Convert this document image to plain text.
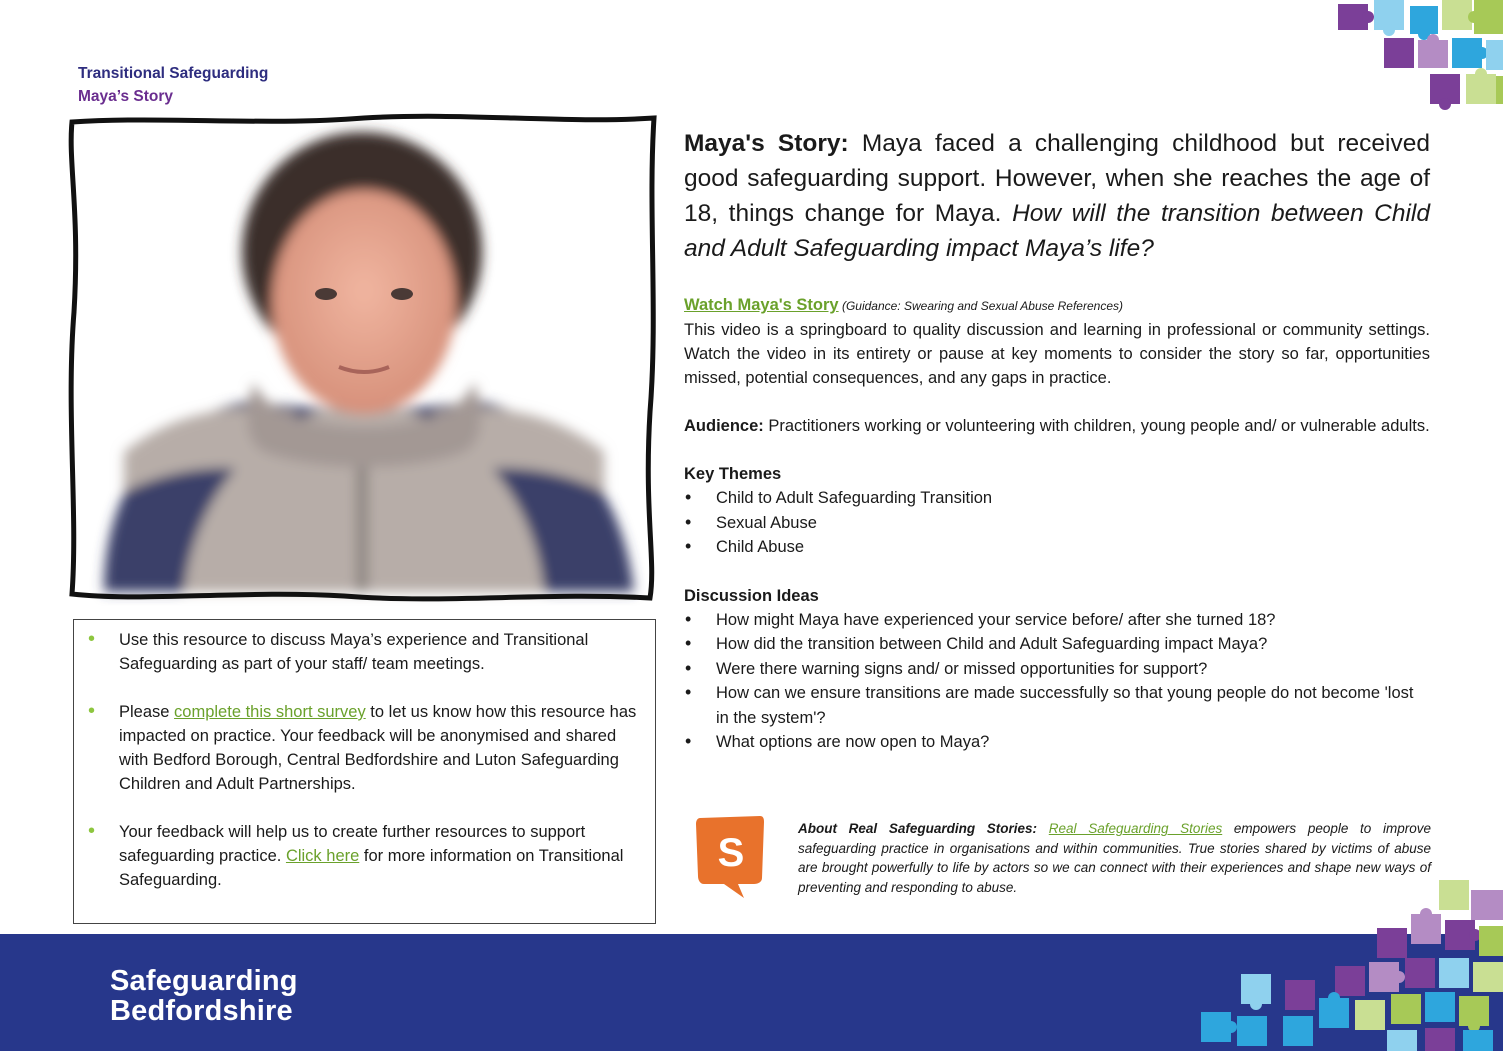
Transitional Safeguarding
Maya’s Story
• Use this resource to discuss Maya’s experience and Transitional Safeguarding as part of your staff/ team meetings.
• Please complete this short survey to let us know how this resource has impacted on practice. Your feedback will be anonymised and shared with Bedford Borough, Central Bedfordshire and Luton Safeguarding Children and Adult Partnerships.
• Your feedback will help us to create further resources to support safeguarding practice. Click here for more information on Transitional Safeguarding.
Maya's Story: Maya faced a challenging childhood but received good safeguarding support. However, when she reaches the age of 18, things change for Maya. How will the transition between Child and Adult Safeguarding impact Maya’s life?
Watch Maya's Story (Guidance: Swearing and Sexual Abuse References)
This video is a springboard to quality discussion and learning in professional or community settings. Watch the video in its entirety or pause at key moments to consider the story so far, opportunities missed, potential consequences, and any gaps in practice.
Audience: Practitioners working or volunteering with children, young people and/ or vulnerable adults.
Key Themes
• Child to Adult Safeguarding Transition
• Sexual Abuse
• Child Abuse
Discussion Ideas
• How might Maya have experienced your service before/ after she turned 18?
• How did the transition between Child and Adult Safeguarding impact Maya?
• Were there warning signs and/ or missed opportunities for support?
• How can we ensure transitions are made successfully so that young people do not become 'lost in the system'?
• What options are now open to Maya?
S
About Real Safeguarding Stories: Real Safeguarding Stories empowers people to improve safeguarding practice in organisations and within communities. True stories shared by victims of abuse are brought powerfully to life by actors so we can connect with their experiences and shape new ways of preventing and responding to abuse.
Safeguarding
Bedfordshire
